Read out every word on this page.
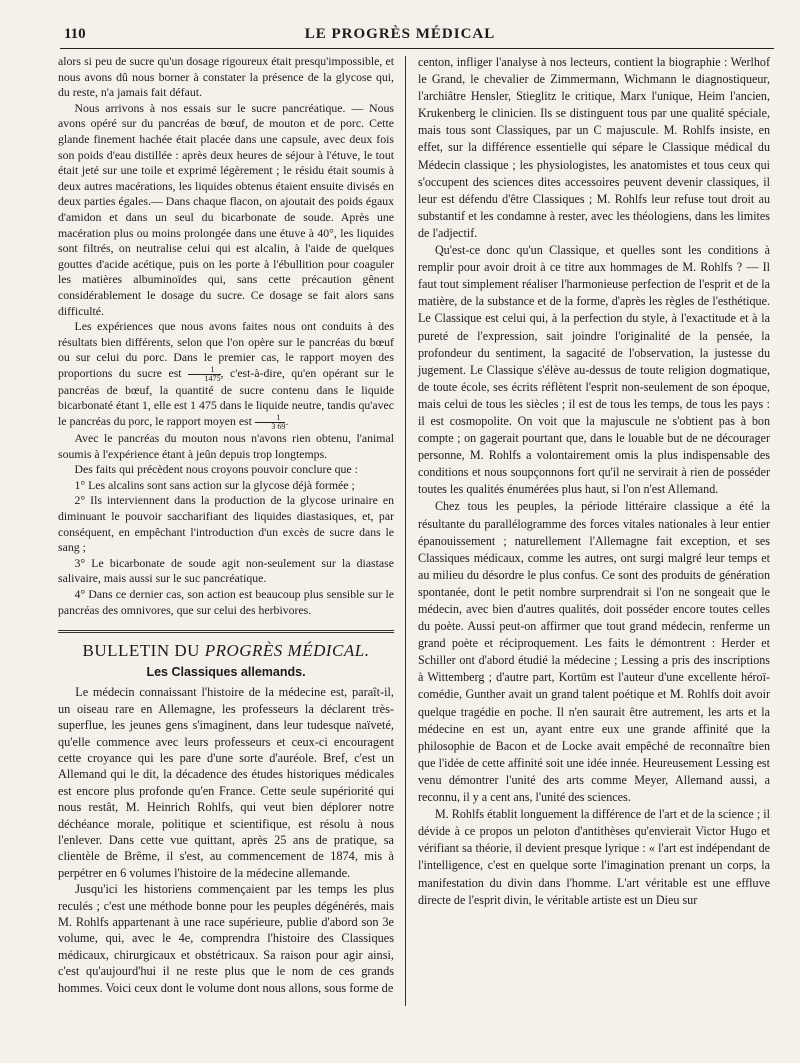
110	LE PROGRÈS MÉDICAL

alors si peu de sucre qu'un dosage rigoureux était presqu'impossible, et nous avons dû nous borner à constater la présence de la glycose qui, du reste, n'a jamais fait défaut.

Nous arrivons à nos essais sur le sucre pancréatique. — Nous avons opéré sur du pancréas de bœuf, de mouton et de porc. Cette glande finement hachée était placée dans une capsule, avec deux fois son poids d'eau distillée : après deux heures de séjour à l'étuve, le tout était jeté sur une toile et exprimé légèrement ; le résidu était soumis à deux autres macérations, les liquides obtenus étaient ensuite divisés en deux parties égales.— Dans chaque flacon, on ajoutait des poids égaux d'amidon et dans un seul du bicarbonate de soude. Après une macération plus ou moins prolongée dans une étuve à 40°, les liquides sont filtrés, on neutralise celui qui est alcalin, à l'aide de quelques gouttes d'acide acétique, puis on les porte à l'ébullition pour coaguler les matières albuminoïdes qui, sans cette précaution gênent considérablement le dosage du sucre. Ce dosage se fait alors sans difficulté.

Les expériences que nous avons faites nous ont conduits à des résultats bien différents, selon que l'on opère sur le pancréas du bœuf ou sur celui du porc. Dans le premier cas, le rapport moyen des proportions du sucre est $\frac{1}{1475}$ , c'est-à-dire, qu'en opérant sur le pancréas de bœuf, la quantité de sucre contenu dans le liquide bicarbonaté étant 1, elle est 1 475 dans le liquide neutre, tandis qu'avec le pancréas du porc, le rapport moyen est $\frac{1}{3 69}$ .

Avec le pancréas du mouton nous n'avons rien obtenu, l'animal soumis à l'expérience étant à jeûn depuis trop longtemps.

Des faits qui précèdent nous croyons pouvoir conclure que :

1° Les alcalins sont sans action sur la glycose déjà formée ;

2° Ils interviennent dans la production de la glycose urinaire en diminuant le pouvoir saccharifiant des liquides diastasiques, et, par conséquent, en empêchant l'introduction d'un excès de sucre dans le sang ;

3° Le bicarbonate de soude agit non-seulement sur la diastase salivaire, mais aussi sur le suc pancréatique.

4° Dans ce dernier cas, son action est beaucoup plus sensible sur le pancréas des omnivores, que sur celui des herbivores.

BULLETIN DU PROGRÈS MÉDICAL.
Les Classiques allemands.

Le médecin connaissant l'histoire de la médecine est, paraît-il, un oiseau rare en Allemagne, les professeurs la déclarent très-superflue, les jeunes gens s'imaginent, dans leur tudesque naïveté, qu'elle commence avec leurs professeurs et ceux-ci encouragent cette croyance qui les pare d'une sorte d'auréole. Bref, c'est un Allemand qui le dit, la décadence des études historiques médicales est encore plus profonde qu'en France. Cette seule supériorité qui nous restât, M. Heinrich Rohlfs, qui veut bien déplorer notre déchéance morale, politique et scientifique, est résolu à nous l'enlever. Dans cette vue quittant, après 25 ans de pratique, sa clientèle de Brême, il s'est, au commencement de 1874, mis à perpétrer en 6 volumes l'histoire de la médecine allemande.

Jusqu'ici les historiens commençaient par les temps les plus reculés ; c'est une méthode bonne pour les peuples dégénérés, mais M. Rohlfs appartenant à une race supérieure, publie d'abord son 3e volume, qui, avec le 4e, comprendra l'histoire des Classiques médicaux, chirurgicaux et obstétricaux. Sa raison pour agir ainsi, c'est qu'aujourd'hui il ne reste plus que le nom de ces grands hommes. Voici ceux dont le volume dont nous allons, sous forme de

centon, infliger l'analyse à nos lecteurs, contient la biographie : Werlhof le Grand, le chevalier de Zimmermann, Wichmann le diagnostiqueur, l'archiâtre Hensler, Stieglitz le critique, Marx l'unique, Heim l'ancien, Krukenberg le clinicien. Ils se distinguent tous par une qualité spéciale, mais tous sont Classiques, par un C majuscule. M. Rohlfs insiste, en effet, sur la différence essentielle qui sépare le Classique médical du Médecin classique ; les physiologistes, les anatomistes et tous ceux qui s'occupent des sciences dites accessoires peuvent devenir classiques, il leur est défendu d'être Classiques ; M. Rohlfs leur refuse tout droit au substantif et les condamne à rester, avec les théologiens, dans les limites de l'adjectif.

Qu'est-ce donc qu'un Classique, et quelles sont les conditions à remplir pour avoir droit à ce titre aux hommages de M. Rohlfs ? — Il faut tout simplement réaliser l'harmonieuse perfection de l'esprit et de la matière, de la substance et de la forme, d'après les règles de l'esthétique. Le Classique est celui qui, à la perfection du style, à l'exactitude et à la pureté de l'expression, sait joindre l'originalité de la pensée, la profondeur du sentiment, la sagacité de l'observation, la justesse du jugement. Le Classique s'élève au-dessus de toute religion dogmatique, de toute école, ses écrits réflètent l'esprit non-seulement de son époque, mais celui de tous les siècles ; il est de tous les temps, de tous les pays : il est cosmopolite. On voit que la majuscule ne s'obtient pas à bon compte ; on gagerait pourtant que, dans le louable but de ne décourager personne, M. Rohlfs a volontairement omis la plus indispensable des conditions et nous soupçonnons fort qu'il ne servirait à rien de posséder toutes les qualités énumérées plus haut, si l'on n'est Allemand.

Chez tous les peuples, la période littéraire classique a été la résultante du parallélogramme des forces vitales nationales à leur entier épanouissement ; naturellement l'Allemagne fait exception, et ses Classiques médicaux, comme les autres, ont surgi malgré leur temps et au milieu du désordre le plus confus. Ce sont des produits de génération spontanée, dont le petit nombre surprendrait si l'on ne songeait que le médecin, avec bien d'autres qualités, doit posséder encore toutes celles du poète. Aussi peut-on affirmer que tout grand médecin, renferme un grand poète et réciproquement. Les faits le démontrent : Herder et Schiller ont d'abord étudié la médecine ; Lessing a pris des inscriptions à Wittemberg ; d'autre part, Kortüm est l'auteur d'une excellente héroï-comédie, Gunther avait un grand talent poétique et M. Rohlfs doit avoir quelque tragédie en poche. Il n'en saurait être autrement, les arts et la médecine en est un, ayant entre eux une grande affinité que la philosophie de Bacon et de Locke avait empêché de reconnaître bien que l'idée de cette affinité soit une idée innée. Heureusement Lessing est venu démontrer l'unité des arts comme Meyer, Allemand aussi, a reconnu, il y a cent ans, l'unité des sciences.

M. Rohlfs établit longuement la différence de l'art et de la science ; il dévide à ce propos un peloton d'antithèses qu'envierait Victor Hugo et vérifiant sa théorie, il devient presque lyrique : « l'art est indépendant de l'intelligence, c'est en quelque sorte l'imagination prenant un corps, la manifestation du divin dans l'homme. L'art véritable est une effluve directe de l'esprit divin, le véritable artiste est un Dieu sur
